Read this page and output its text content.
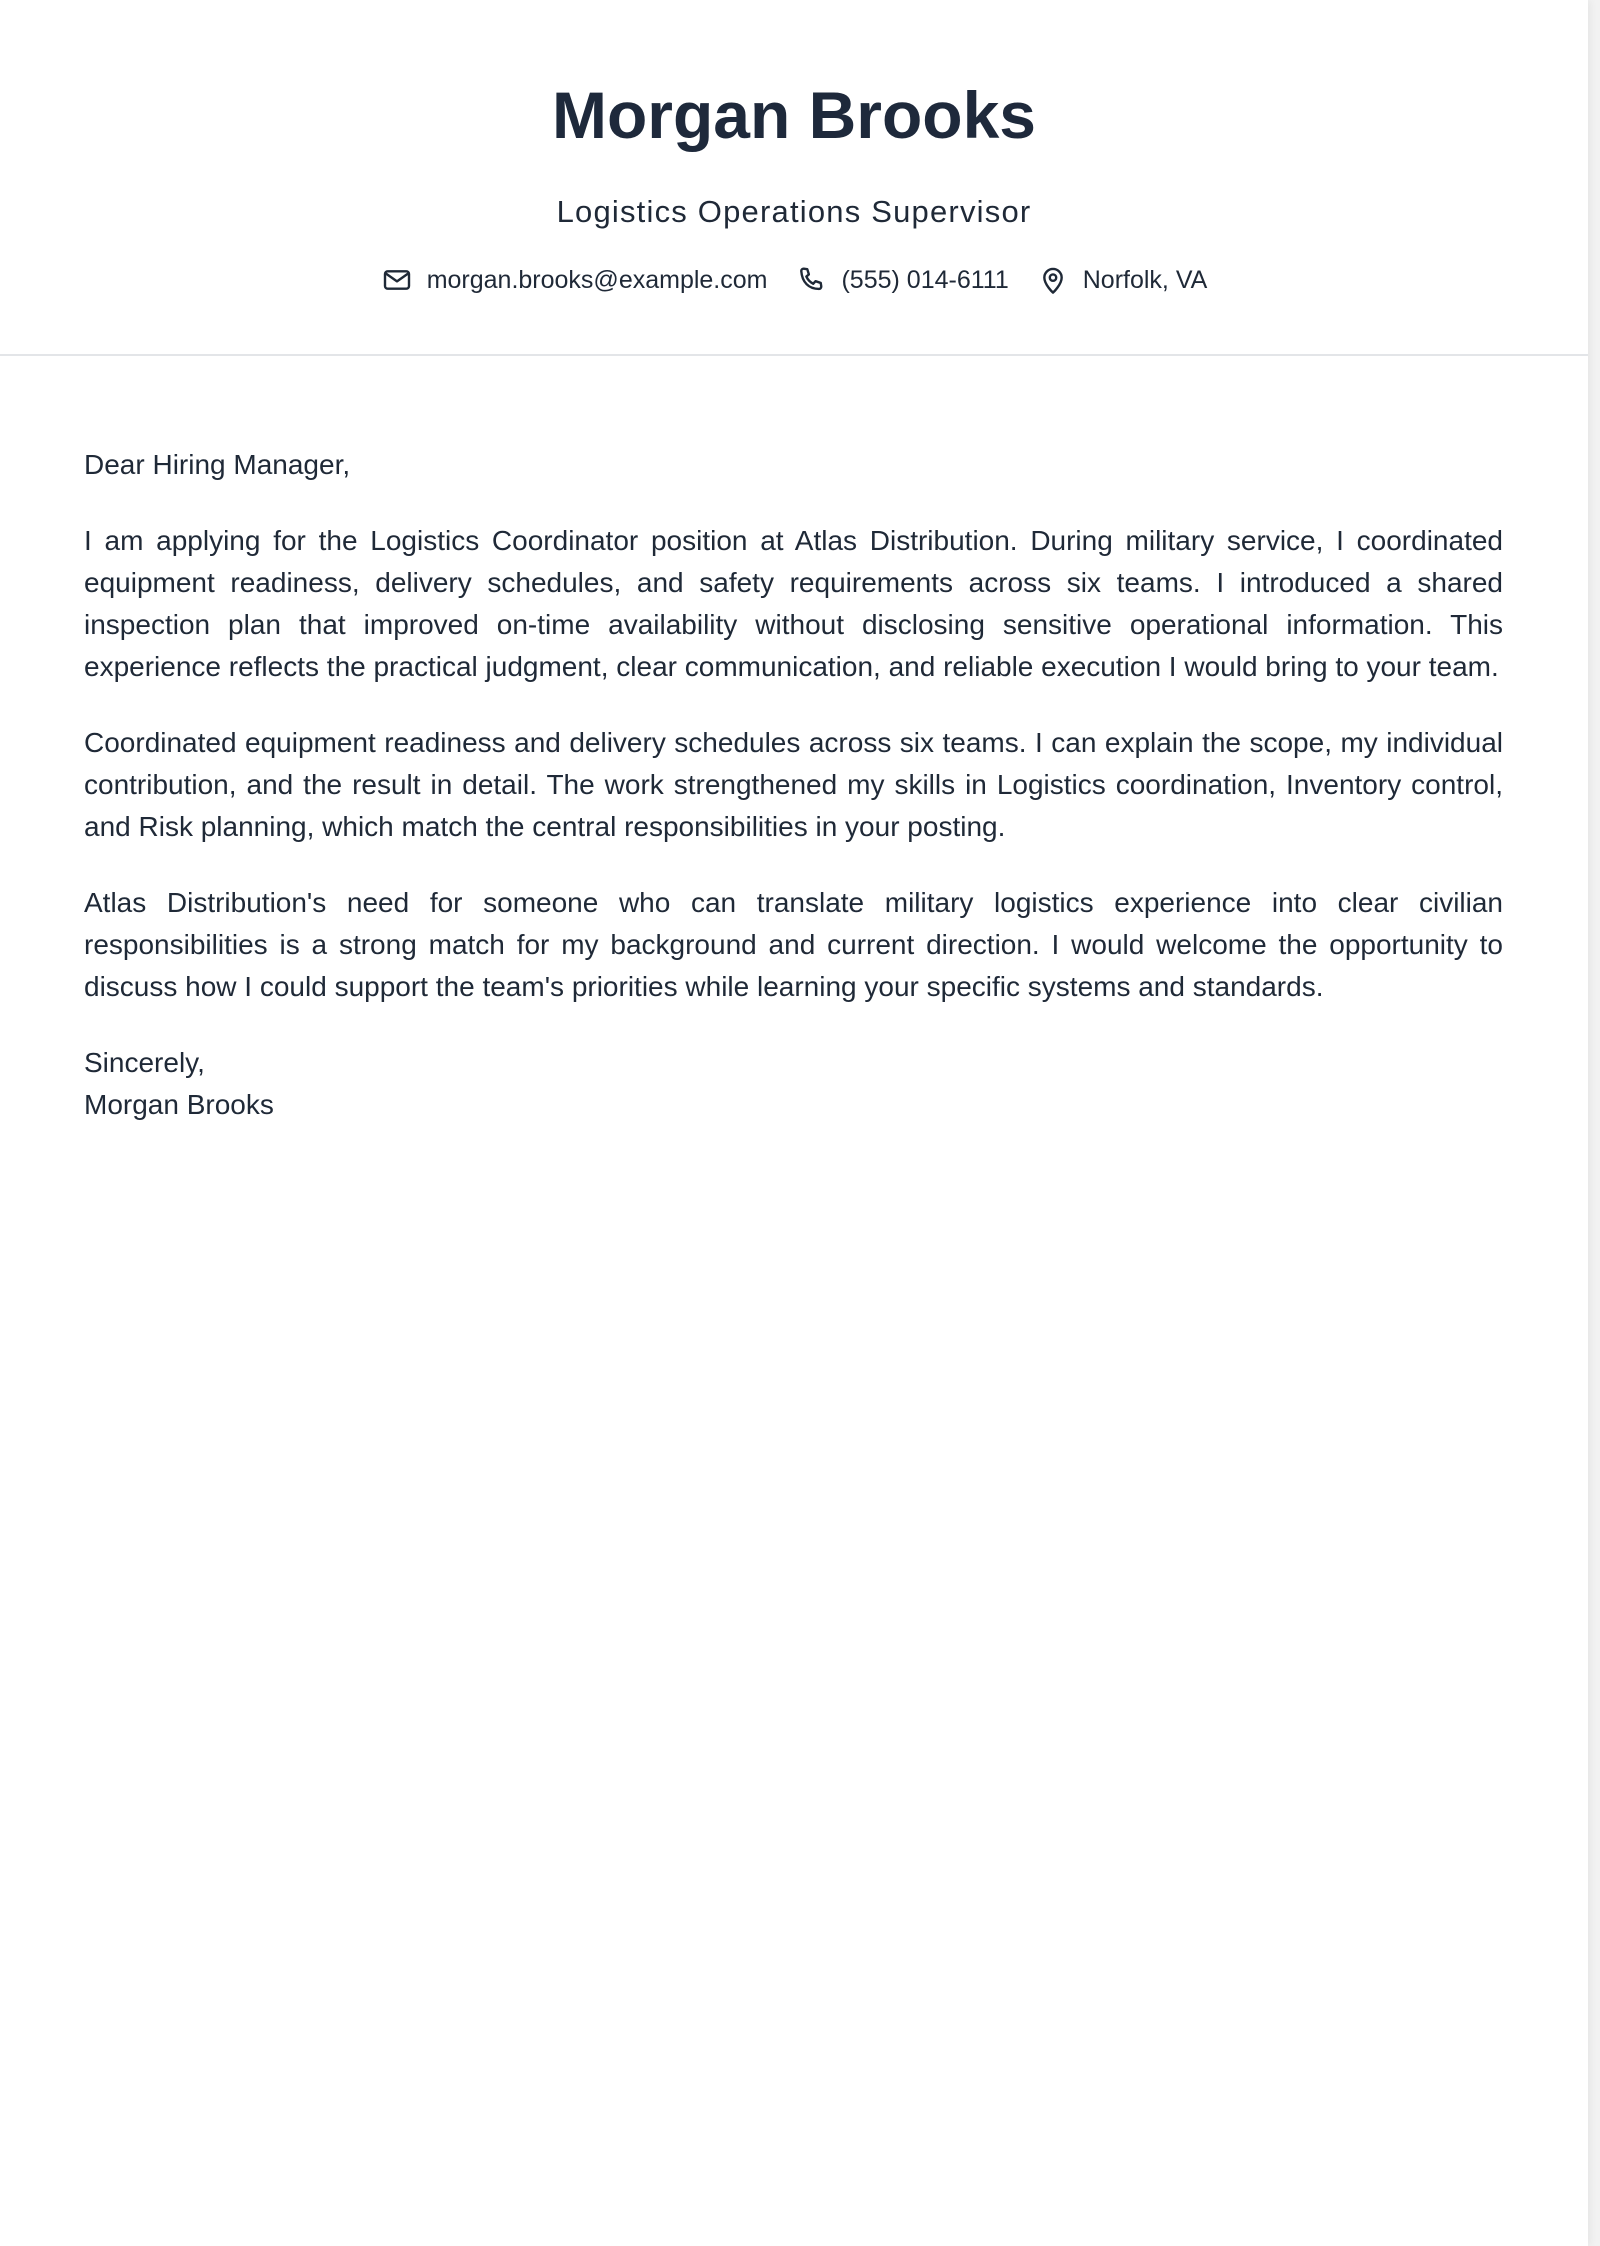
Morgan Brooks
Logistics Operations Supervisor
morgan.brooks@example.com	(555) 014-6111	Norfolk, VA

Dear Hiring Manager,

I am applying for the Logistics Coordinator position at Atlas Distribution. During military service, I coordinated equipment readiness, delivery schedules, and safety requirements across six teams. I introduced a shared inspection plan that improved on-time availability without disclosing sensitive operational information. This experience reflects the practical judgment, clear communication, and reliable execution I would bring to your team.

Coordinated equipment readiness and delivery schedules across six teams. I can explain the scope, my individual contribution, and the result in detail. The work strengthened my skills in Logistics coordination, Inventory control, and Risk planning, which match the central responsibilities in your posting.

Atlas Distribution's need for someone who can translate military logistics experience into clear civilian responsibilities is a strong match for my background and current direction. I would welcome the opportunity to discuss how I could support the team's priorities while learning your specific systems and standards.

Sincerely,

Morgan Brooks
